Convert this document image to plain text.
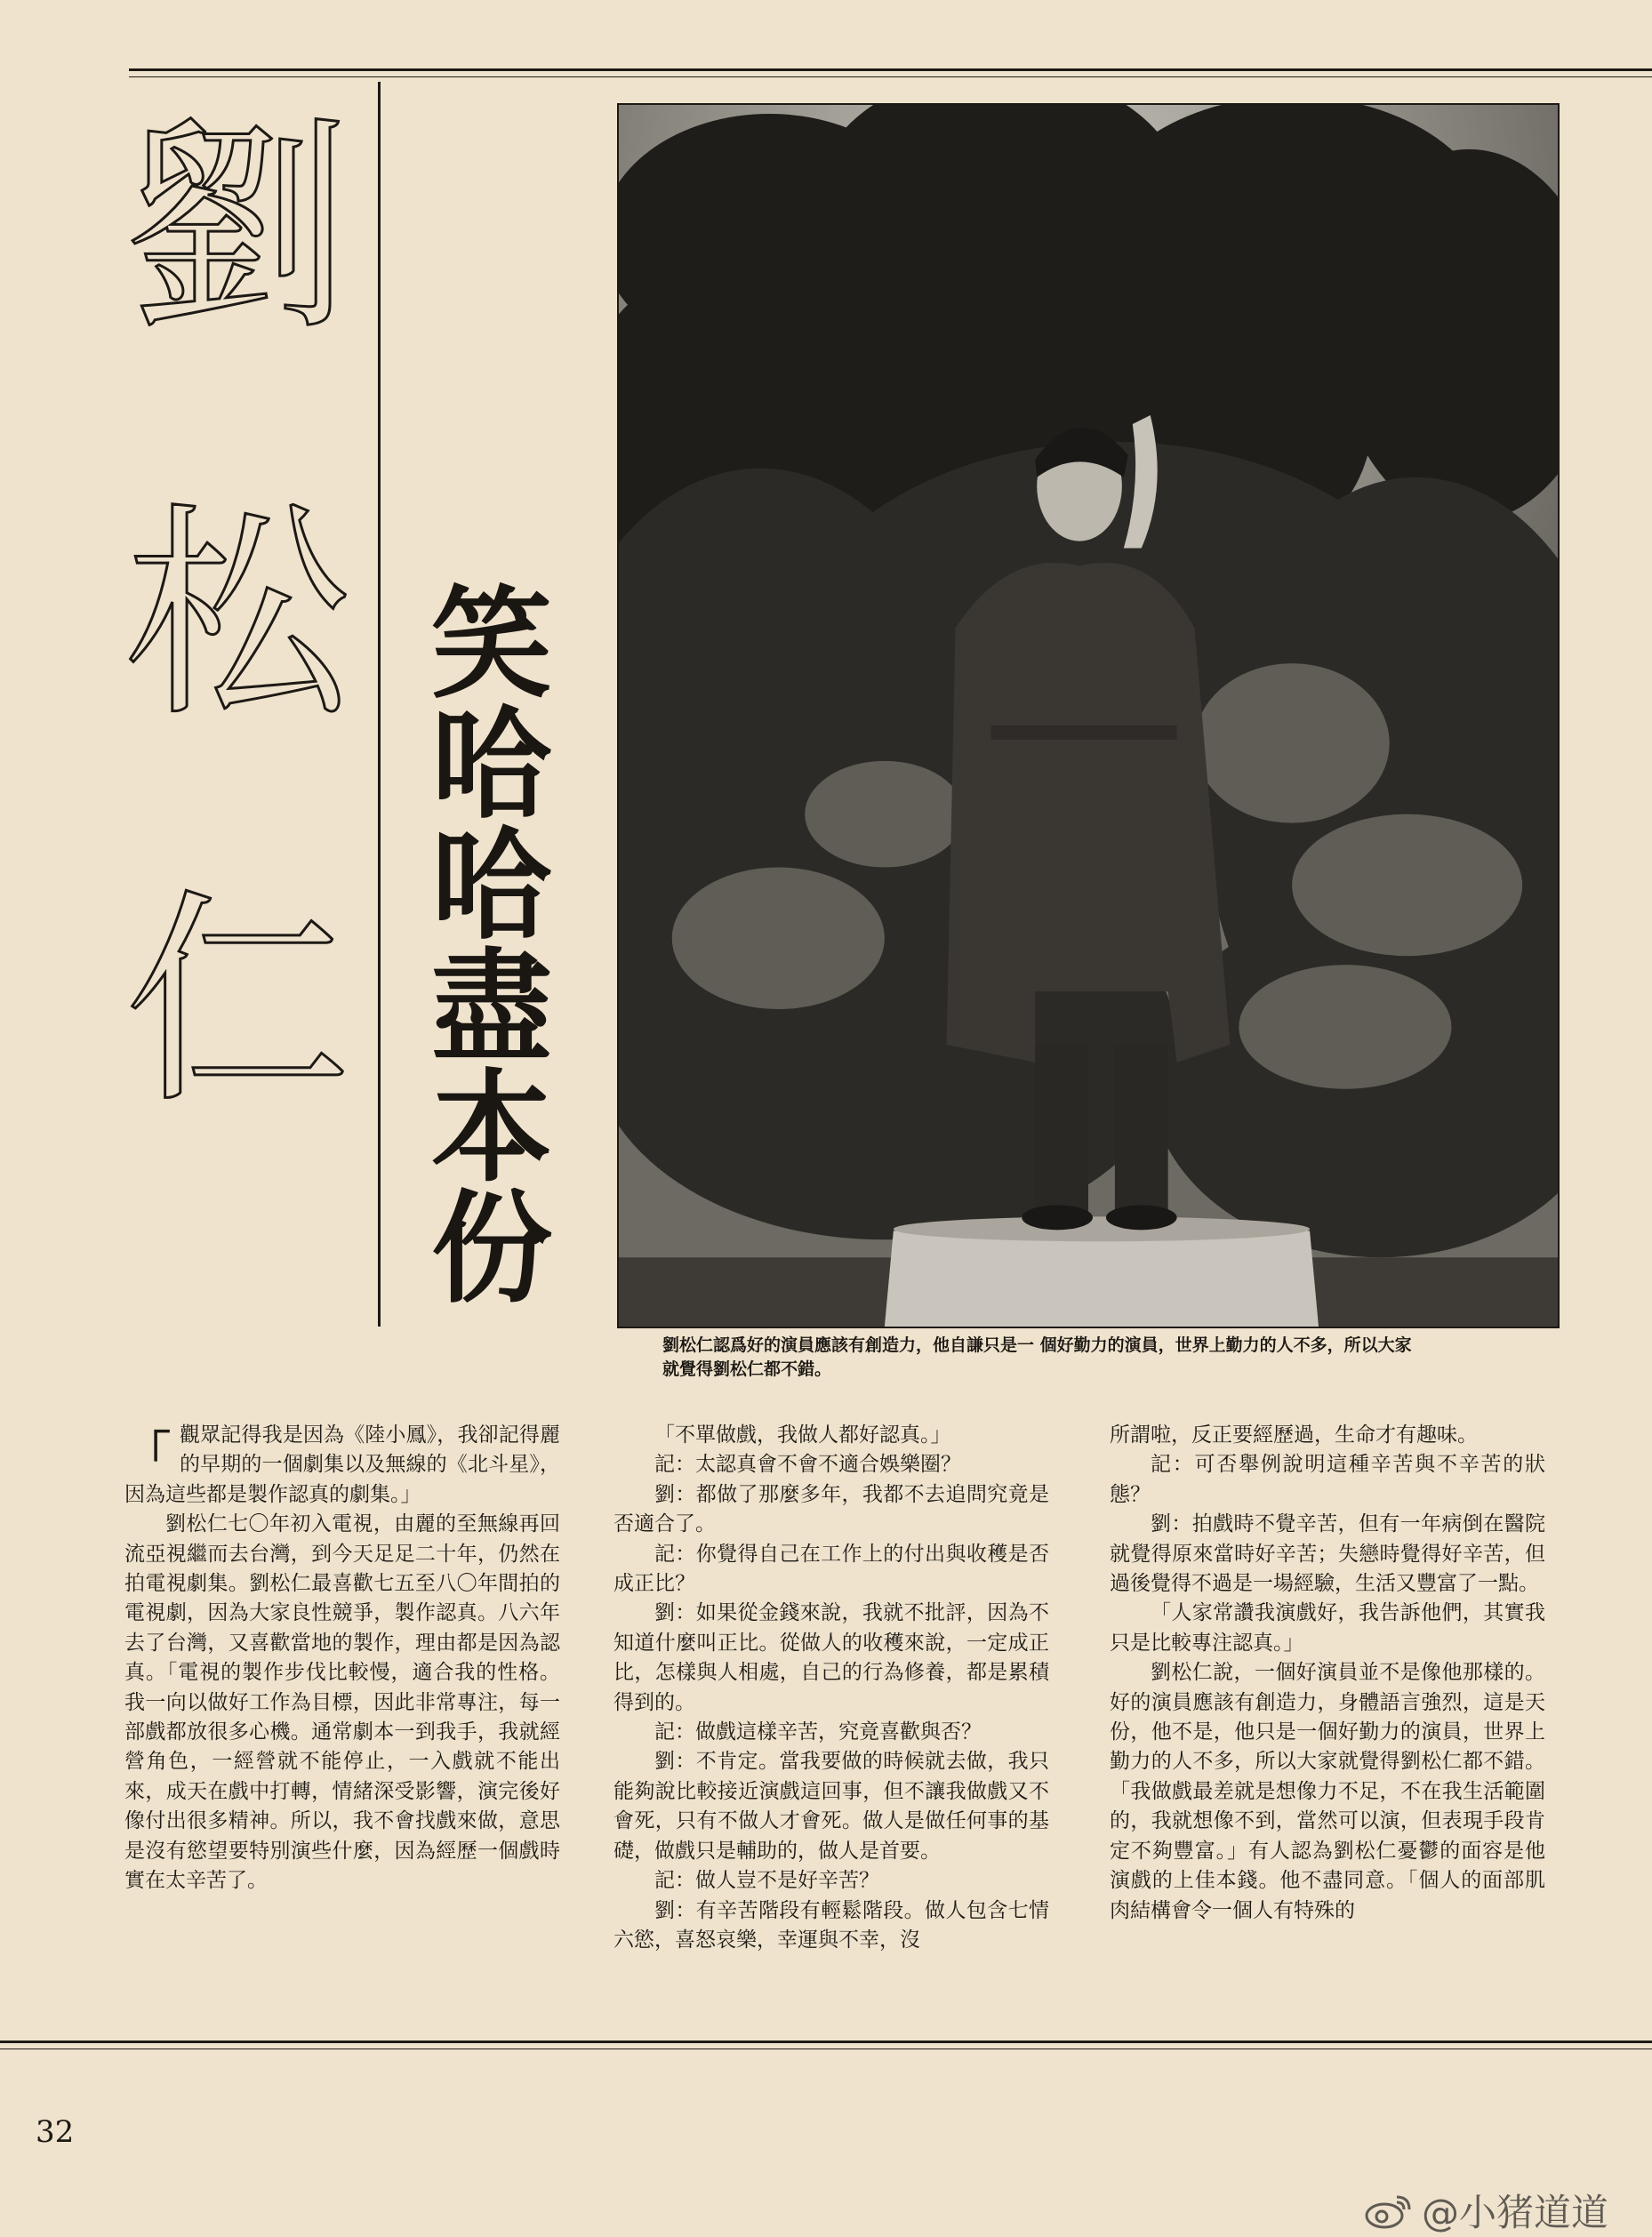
劉
松
仁 笑哈哈盡本份
劉松仁認爲好的演員應該有創造力，他自謙只是一 個好勤力的演員，世界上勤力的人不多，所以大家
就覺得劉松仁都不錯。

「 觀眾記得我是因為《陸小鳳》，我卻記得麗的早期的一個劇集以及無線的《北斗星》，因為這些都是製作認真的劇集。」

劉松仁七〇年初入電視，由麗的至無線再回流亞視繼而去台灣，到今天足足二十年，仍然在拍電視劇集。劉松仁最喜歡七五至八〇年間拍的電視劇，因為大家良性競爭，製作認真。八六年去了台灣，又喜歡當地的製作，理由都是因為認真。「電視的製作步伐比較慢，適合我的性格。我一向以做好工作為目標，因此非常專注，每一部戲都放很多心機。通常劇本一到我手，我就經營角色，一經營就不能停止，一入戲就不能出來，成天在戲中打轉，情緒深受影響，演完後好像付出很多精神。所以，我不會找戲來做，意思是沒有慾望要特別演些什麼，因為經歷一個戲時實在太辛苦了。

「不單做戲，我做人都好認真。」

記：太認真會不會不適合娛樂圈？

劉：都做了那麼多年，我都不去追問究竟是否適合了。

記：你覺得自己在工作上的付出與收穫是否成正比？

劉：如果從金錢來說，我就不批評，因為不知道什麼叫正比。從做人的收穫來說，一定成正比，怎樣與人相處，自己的行為修養，都是累積得到的。

記：做戲這樣辛苦，究竟喜歡與否？

劉：不肯定。當我要做的時候就去做，我只能夠說比較接近演戲這回事，但不讓我做戲又不會死，只有不做人才會死。做人是做任何事的基礎，做戲只是輔助的，做人是首要。

記：做人豈不是好辛苦？

劉：有辛苦階段有輕鬆階段。做人包含七情六慾，喜怒哀樂，幸運與不幸，沒

所謂啦，反正要經歷過，生命才有趣味。

記：可否舉例說明這種辛苦與不辛苦的狀態？

劉：拍戲時不覺辛苦，但有一年病倒在醫院就覺得原來當時好辛苦；失戀時覺得好辛苦，但過後覺得不過是一場經驗，生活又豐富了一點。

「人家常讚我演戲好，我告訴他們，其實我只是比較專注認真。」

劉松仁說，一個好演員並不是像他那樣的。好的演員應該有創造力，身體語言強烈，這是天份，他不是，他只是一個好勤力的演員，世界上勤力的人不多，所以大家就覺得劉松仁都不錯。「我做戲最差就是想像力不足，不在我生活範圍的，我就想像不到，當然可以演，但表現手段肯定不夠豐富。」有人認為劉松仁憂鬱的面容是他演戲的上佳本錢。他不盡同意。「個人的面部肌肉結構會令一個人有特殊的

32
@小猪道道
